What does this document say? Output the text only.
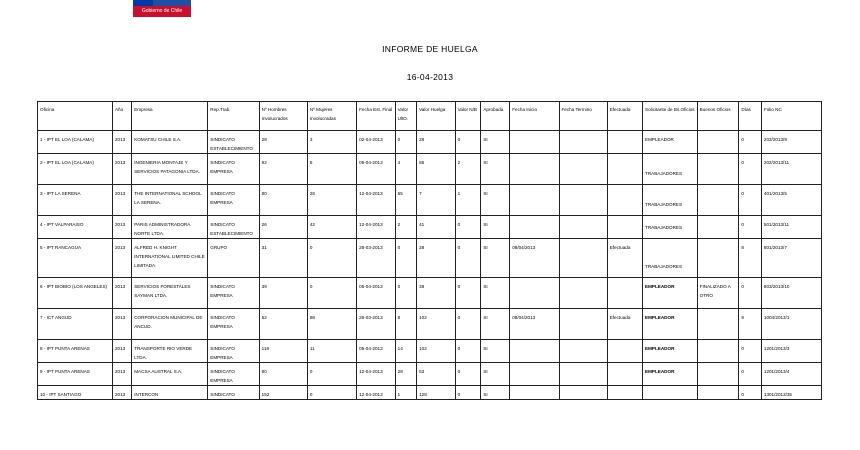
Gobierno de Chile
INFORME DE HUELGA
16-04-2013
Oficina	Año	Empresa	Rep.Trab.	Nº Hombres Involucrados	Nº Mujeres Involucradas	Fecha Est. Final	Valor UltO.	Valor Huelga	Valor N/B	Aprobada	Fecha Inicio	Fecha Termino	Efectuada	Solicitante de Bs.Oficios	Buenos Oficios	Días	Folio NC
1 - IPT EL LOA (CALAMA)	2013	KOMATSU CHILE S.A.	SINDICATO ESTABLECIMIENTO	28	3	02-04-2013	0	28	0	SI				EMPLEADOR		0	202/2013/9
2 - IPT EL LOA (CALAMA)	2013	INGENIERIA MONTAJE Y SERVICIOS PATAGONIA LTDA.	SINDICATO EMPRESA	92	8	05-04-2013	4	85	2	SI				TRABAJADORES		0	202/2013/11
3 - IPT LA SERENA	2013	THE INTERNATIONAL SCHOOL LA SERENA.	SINDICATO EMPRESA	80	26	12-04-2013	55	7	1	SI				TRABAJADORES		0	401/2013/5
4 - IPT VALPARAISO	2013	PARIS ADMINISTRADORA NORTE LTDA.	SINDICATO ESTABLECIMIENTO	26	42	12-04-2013	2	41	0	SI				TRABAJADORES		0	501/2013/11
5 - IPT RANCAGUA	2013	ALFRED H. KNIGHT INTERNATIONAL LIMITED CHILE LIMITADA.	GRUPO	31	0	28-03-2013	0	28	0	SI	08/04/2013		Efectuada	TRABAJADORES		8	801/2013/7
6 - IPT BIOBIO (LOS ANGELES)	2013	SERVICIOS FORESTALES SAYMAN LTDA.	SINDICATO EMPRESA	39	0	05-04-2013	0	38	0	SI				EMPLEADOR	FINALIZADO A OTRO	0	803/2013/10
7 - ICT ANGUD	2013	CORPORACION MUNICIPAL DE ANCUD.	SINDICATO EMPRESA	52	98	28-03-2013	8	102	0	SI	08/04/2013		Efectuada	EMPLEADOR		9	1004/2013/1
8 - IPT PUNTA ARENAS	2013	TRANSPORTE RIO VERDE LTDA.	SINDICATO EMPRESA	118	11	05-04-2013	14	102	0	SI				EMPLEADOR		0	1201/2013/3
9 - IPT PUNTA ARENAS	2013	MACSA AUSTRAL S.A.	SINDICATO EMPRESA	80	0	12-04-2013	28	53	0	SI				EMPLEADOR		0	1201/2013/4
10 - IPT SANTIAGO	2013	INTERCON	SINDICATO	152	0	12-04-2013	1	128	0	SI						0	1301/2013/35
